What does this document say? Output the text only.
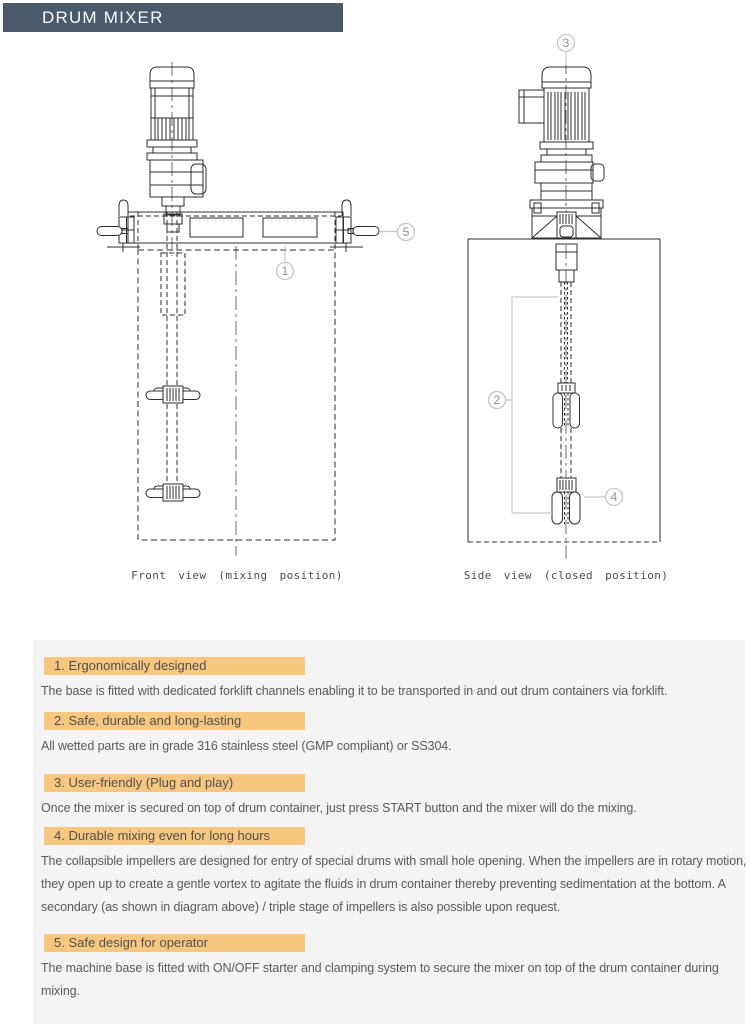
DRUM MIXER
1
5
Front view (mixing position)
3
2
4
Side view (closed position)
1. Ergonomically designed
The base is fitted with dedicated forklift channels enabling it to be transported in and out drum containers via forklift.
2. Safe, durable and long-lasting
All wetted parts are in grade 316 stainless steel (GMP compliant) or SS304.
3. User-friendly (Plug and play)
Once the mixer is secured on top of drum container, just press START button and the mixer will do the mixing.
4. Durable mixing even for long hours
The collapsible impellers are designed for entry of special drums with small hole opening. When the impellers are in rotary motion, they open up to create a gentle vortex to agitate the fluids in drum container thereby preventing sedimentation at the bottom. A secondary (as shown in diagram above) / triple stage of impellers is also possible upon request.
5. Safe design for operator
The machine base is fitted with ON/OFF starter and clamping system to secure the mixer on top of the drum container during mixing.
